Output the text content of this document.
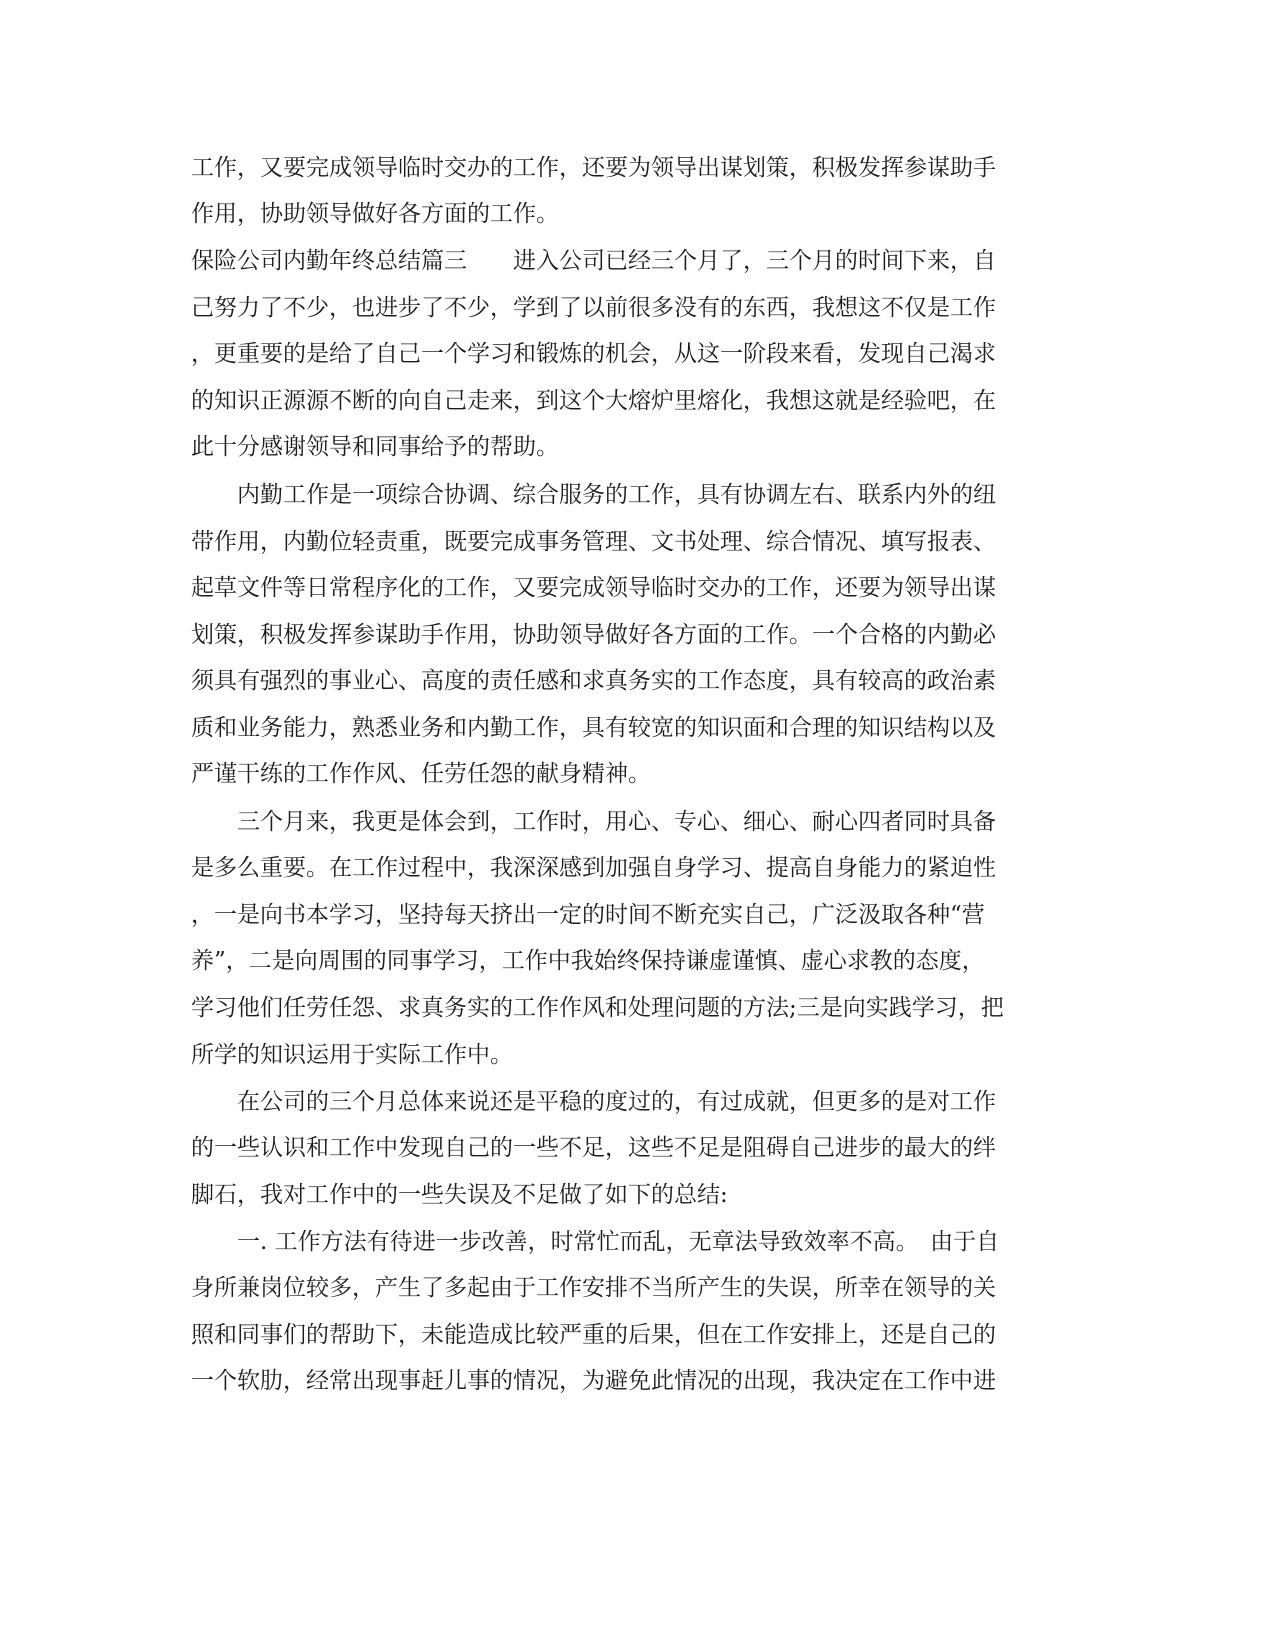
工作，又要完成领导临时交办的工作，还要为领导出谋划策，积极发挥参谋助手

作用，协助领导做好各方面的工作。

保险公司内勤年终总结篇三　　进入公司已经三个月了，三个月的时间下来，自

己努力了不少，也进步了不少，学到了以前很多没有的东西，我想这不仅是工作

，更重要的是给了自己一个学习和锻炼的机会，从这一阶段来看，发现自己渴求

的知识正源源不断的向自己走来，到这个大熔炉里熔化，我想这就是经验吧，在

此十分感谢领导和同事给予的帮助。

　　内勤工作是一项综合协调、综合服务的工作，具有协调左右、联系内外的纽

带作用，内勤位轻责重，既要完成事务管理、文书处理、综合情况、填写报表、

起草文件等日常程序化的工作，又要完成领导临时交办的工作，还要为领导出谋

划策，积极发挥参谋助手作用，协助领导做好各方面的工作。一个合格的内勤必

须具有强烈的事业心、高度的责任感和求真务实的工作态度，具有较高的政治素

质和业务能力，熟悉业务和内勤工作，具有较宽的知识面和合理的知识结构以及

严谨干练的工作作风、任劳任怨的献身精神。

　　三个月来，我更是体会到，工作时，用心、专心、细心、耐心四者同时具备

是多么重要。在工作过程中，我深深感到加强自身学习、提高自身能力的紧迫性

，一是向书本学习，坚持每天挤出一定的时间不断充实自己，广泛汲取各种“营

养”，二是向周围的同事学习，工作中我始终保持谦虚谨慎、虚心求教的态度，

学习他们任劳任怨、求真务实的工作作风和处理问题的方法;三是向实践学习，把

所学的知识运用于实际工作中。

　　在公司的三个月总体来说还是平稳的度过的，有过成就，但更多的是对工作

的一些认识和工作中发现自己的一些不足，这些不足是阻碍自己进步的最大的绊

脚石，我对工作中的一些失误及不足做了如下的总结:

　　一. 工作方法有待进一步改善，时常忙而乱，无章法导致效率不高。　由于自

身所兼岗位较多，产生了多起由于工作安排不当所产生的失误，所幸在领导的关

照和同事们的帮助下，未能造成比较严重的后果，但在工作安排上，还是自己的

一个软肋，经常出现事赶儿事的情况，为避免此情况的出现，我决定在工作中进
